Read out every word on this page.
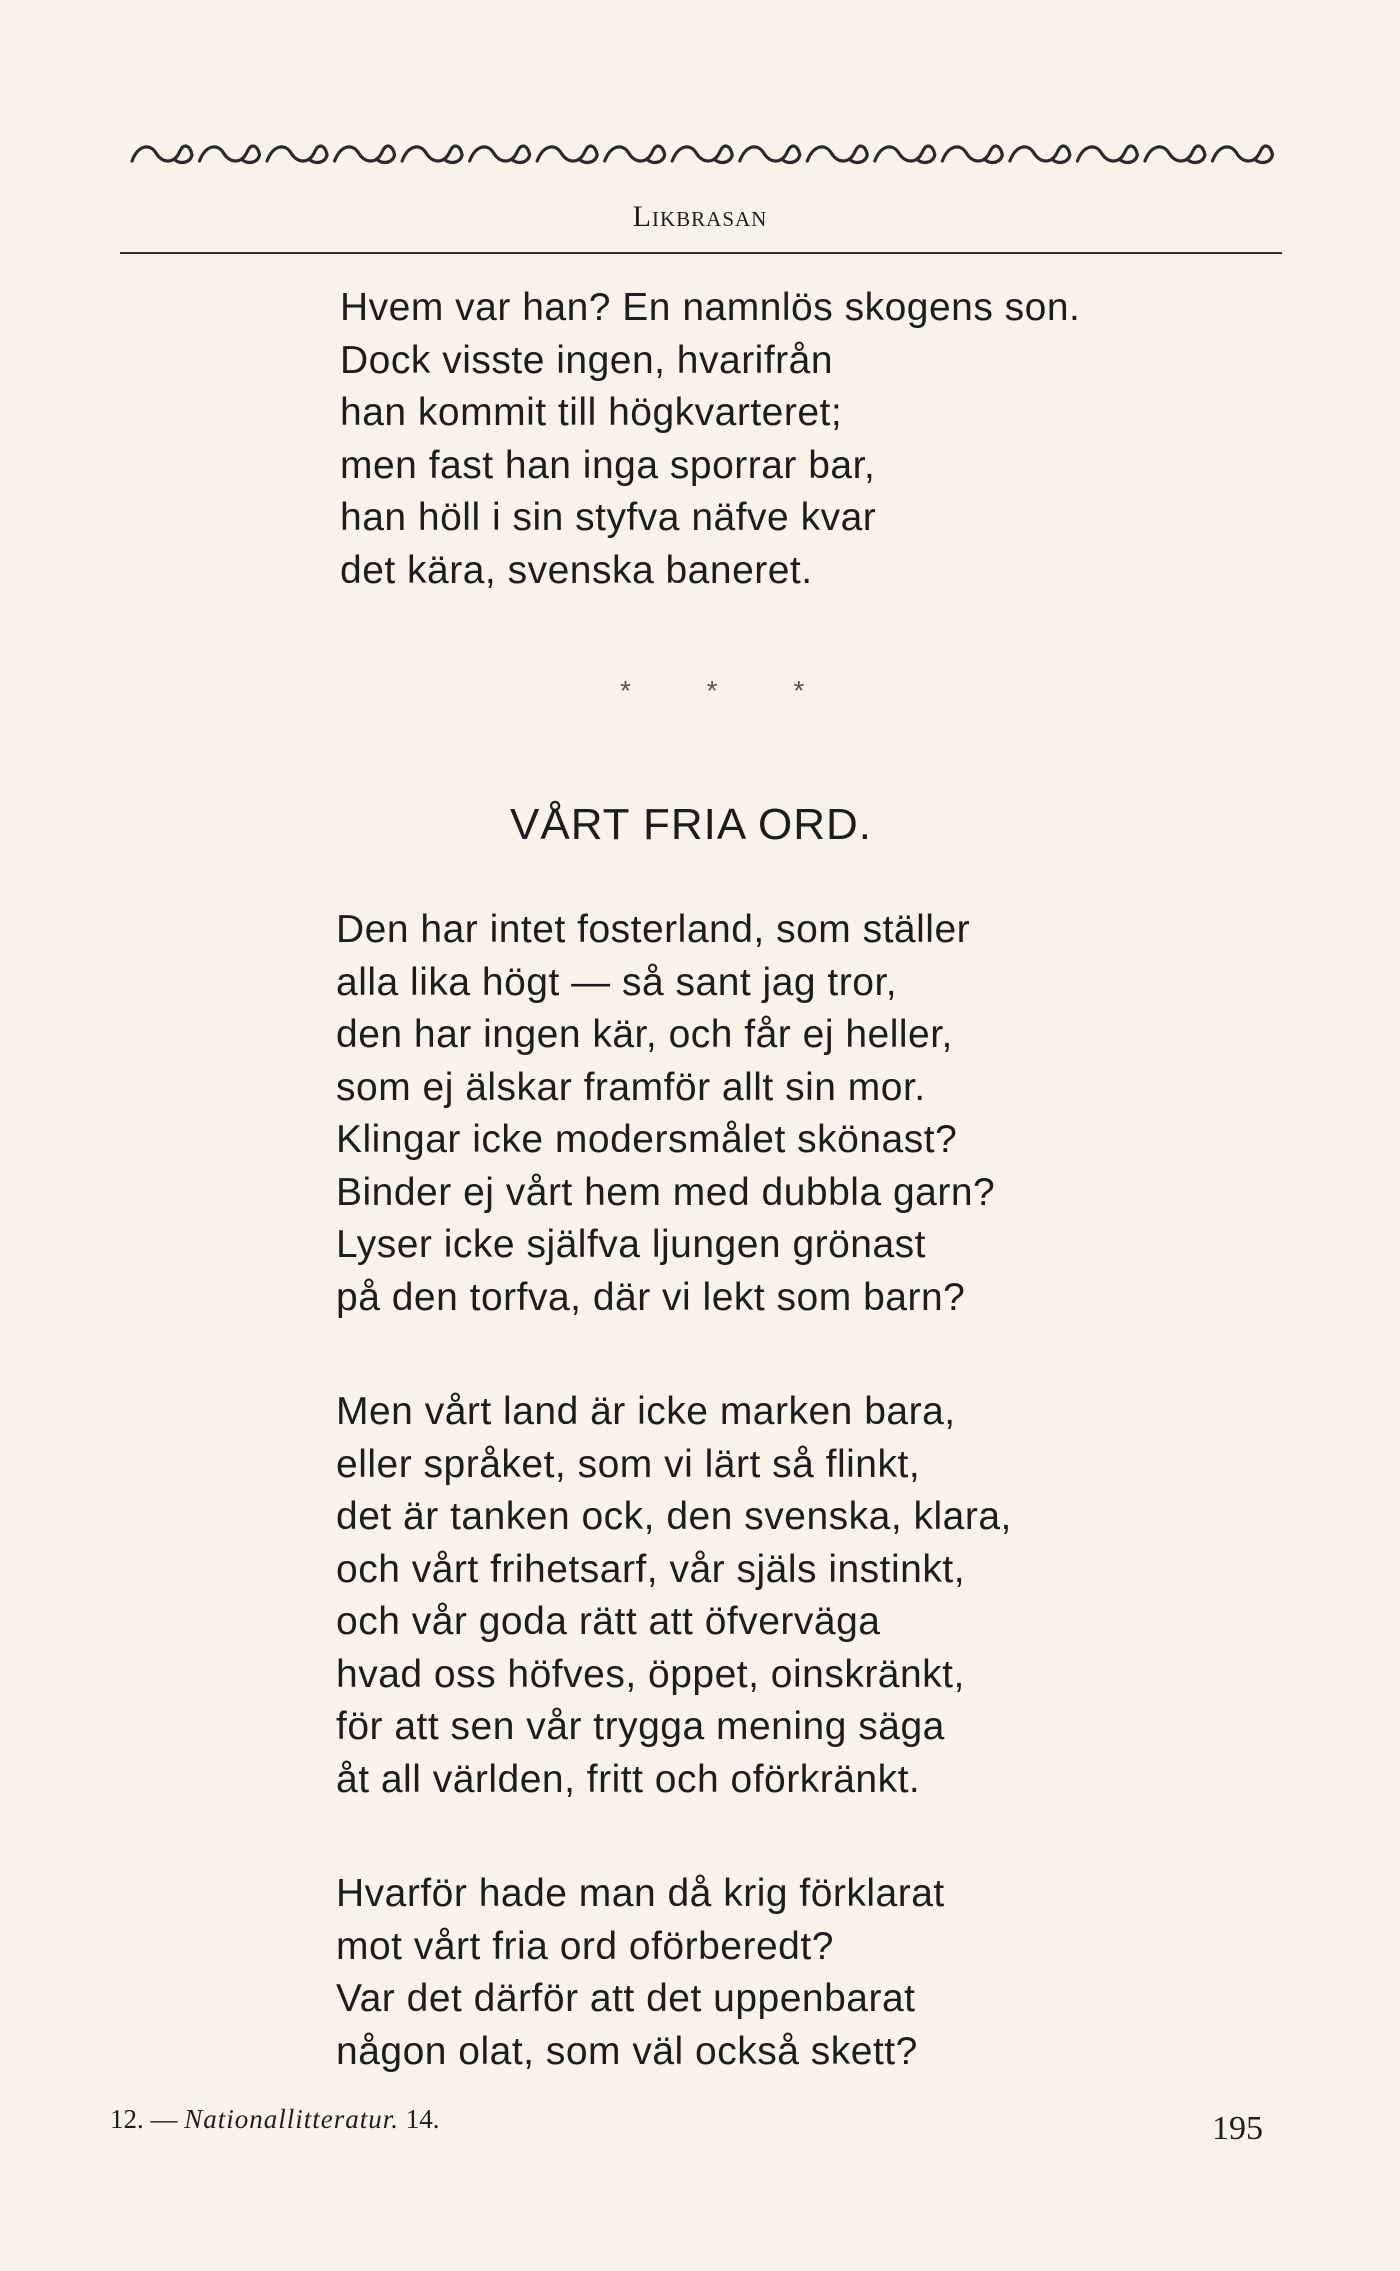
Likbrasan
Hvem var han? En namnlös skogens son.
Dock visste ingen, hvarifrån
han kommit till högkvarteret;
men fast han inga sporrar bar,
han höll i sin styfva näfve kvar
det kära, svenska baneret.
* * *
VÅRT FRIA ORD.
Den har intet fosterland, som ställer
alla lika högt — så sant jag tror,
den har ingen kär, och får ej heller,
som ej älskar framför allt sin mor.
Klingar icke modersmålet skönast?
Binder ej vårt hem med dubbla garn?
Lyser icke själfva ljungen grönast
på den torfva, där vi lekt som barn?
Men vårt land är icke marken bara,
eller språket, som vi lärt så flinkt,
det är tanken ock, den svenska, klara,
och vårt frihetsarf, vår själs instinkt,
och vår goda rätt att öfverväga
hvad oss höfves, öppet, oinskränkt,
för att sen vår trygga mening säga
åt all världen, fritt och oförkränkt.
Hvarför hade man då krig förklarat
mot vårt fria ord oförberedt?
Var det därför att det uppenbarat
någon olat, som väl också skett?
12. — Nationallitteratur. 14.	195
